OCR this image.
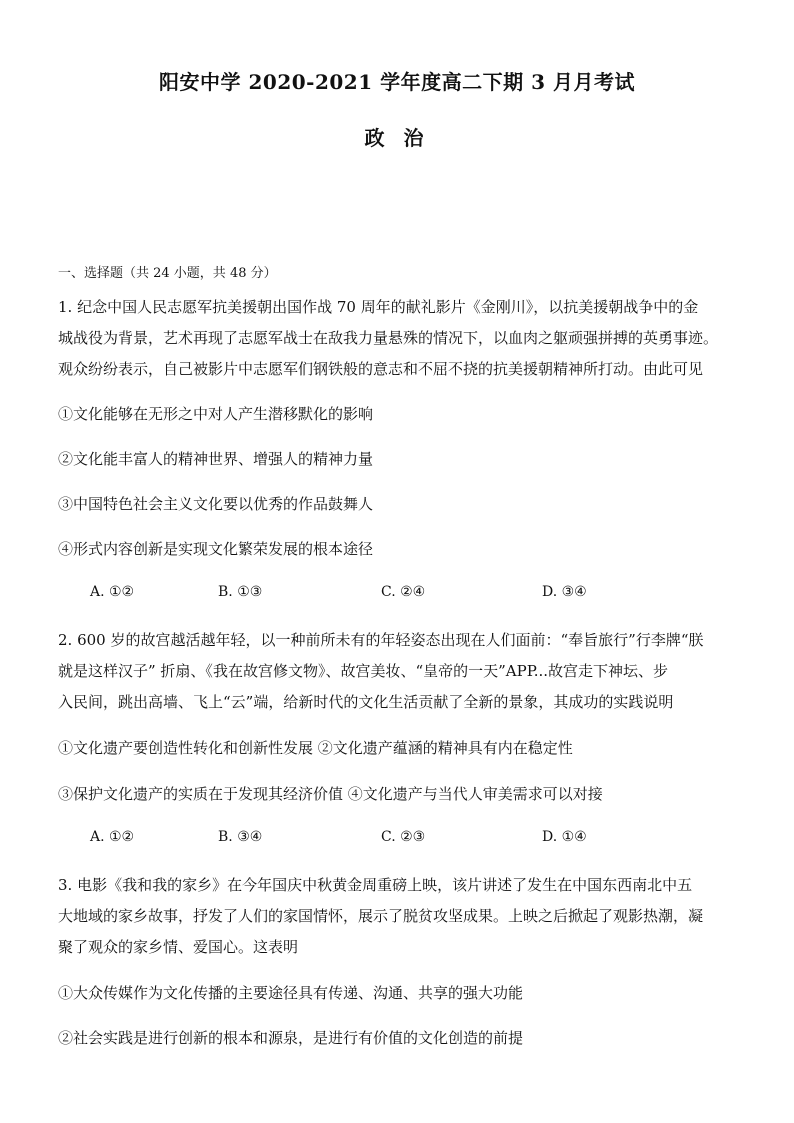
阳安中学 2020-2021 学年度高二下期 3 月月考试
政 治
一、选择题（共 24 小题，共 48 分）
1. 纪念中国人民志愿军抗美援朝出国作战 70 周年的献礼影片《金刚川》，以抗美援朝战争中的金
城战役为背景，艺术再现了志愿军战士在敌我力量悬殊的情况下，以血肉之躯顽强拼搏的英勇事迹。
观众纷纷表示，自己被影片中志愿军们钢铁般的意志和不屈不挠的抗美援朝精神所打动。由此可见
①文化能够在无形之中对人产生潜移默化的影响
②文化能丰富人的精神世界、增强人的精神力量
③中国特色社会主义文化要以优秀的作品鼓舞人
④形式内容创新是实现文化繁荣发展的根本途径
A. ①②	B. ①③	C. ②④	D. ③④
2. 600 岁的故宫越活越年轻，以一种前所未有的年轻姿态出现在人们面前：“奉旨旅行”行李牌“朕
就是这样汉子” 折扇、《我在故宫修文物》、故宫美妆、“皇帝的一天”APP...故宫走下神坛、步
入民间，跳出高墙、飞上“云”端，给新时代的文化生活贡献了全新的景象，其成功的实践说明
①文化遗产要创造性转化和创新性发展 ②文化遗产蕴涵的精神具有内在稳定性
③保护文化遗产的实质在于发现其经济价值 ④文化遗产与当代人审美需求可以对接
A. ①②	B. ③④	C. ②③	D. ①④
3. 电影《我和我的家乡》在今年国庆中秋黄金周重磅上映，该片讲述了发生在中国东西南北中五
大地域的家乡故事，抒发了人们的家国情怀，展示了脱贫攻坚成果。上映之后掀起了观影热潮，凝
聚了观众的家乡情、爱国心。这表明
①大众传媒作为文化传播的主要途径具有传递、沟通、共享的强大功能
②社会实践是进行创新的根本和源泉，是进行有价值的文化创造的前提
